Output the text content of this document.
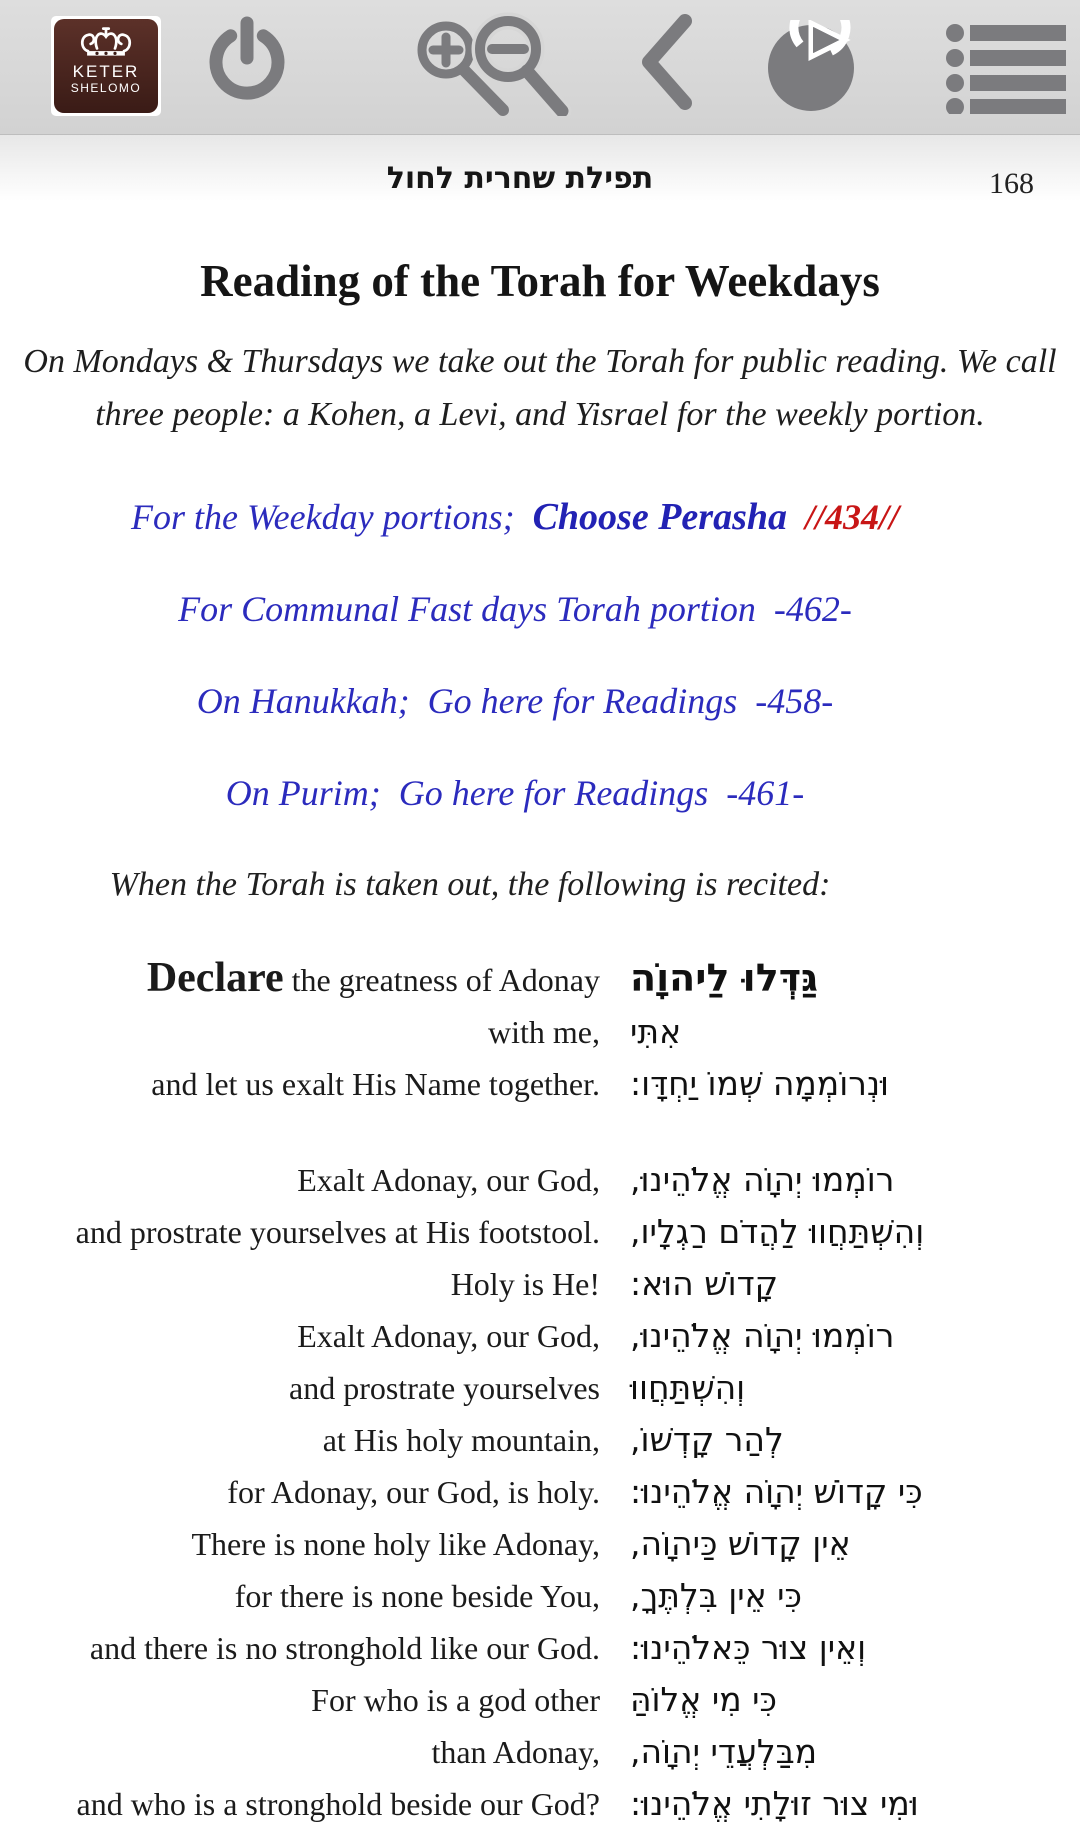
KETER
SHELOMO
תפילת שחרית לחול	168
Reading of the Torah for Weekdays
On Mondays & Thursdays we take out the Torah for public reading. We call
three people: a Kohen, a Levi, and Yisrael for the weekly portion.
For the Weekday portions;  Choose Perasha  //434//
For Communal Fast days Torah portion  -462-
On Hanukkah;  Go here for Readings  -458-
On Purim;  Go here for Readings  -461-
When the Torah is taken out, the following is recited:
Declare the greatness of Adonay גַּדְּלוּ לַיהוָֹה
with me, אִתִּי
and let us exalt His Name together. וּנְרוֹמְמָה שְׁמוֹ יַחְדָּו:
Exalt Adonay, our God, רוֹמְמוּ יְהוָֹה אֱלֹהֵינוּ,
and prostrate yourselves at His footstool. וְהִשְׁתַּחֲווּ לַהֲדֹם רַגְלָיו,
Holy is He! קָדוֹשׁ הוּא:
Exalt Adonay, our God, רוֹמְמוּ יְהוָֹה אֱלֹהֵינוּ,
and prostrate yourselves וְהִשְׁתַּחֲווּ
at His holy mountain, לְהַר קָדְשׁוֹ,
for Adonay, our God, is holy. כִּי קָדוֹשׁ יְהוָֹה אֱלֹהֵינוּ:
There is none holy like Adonay, אֵין קָדוֹשׁ כַּיהוָֹה,
for there is none beside You, כִּי אֵין בִּלְתֶּךָ,
and there is no stronghold like our God. וְאֵין צוּר כֵּאלֹהֵינוּ:
For who is a god other כִּי מִי אֱלוֹהַּ
than Adonay, מִבַּלְעֲדֵי יְהוָֹה,
and who is a stronghold beside our God? וּמִי צוּר זוּלָתִי אֱלֹהֵינוּ:
